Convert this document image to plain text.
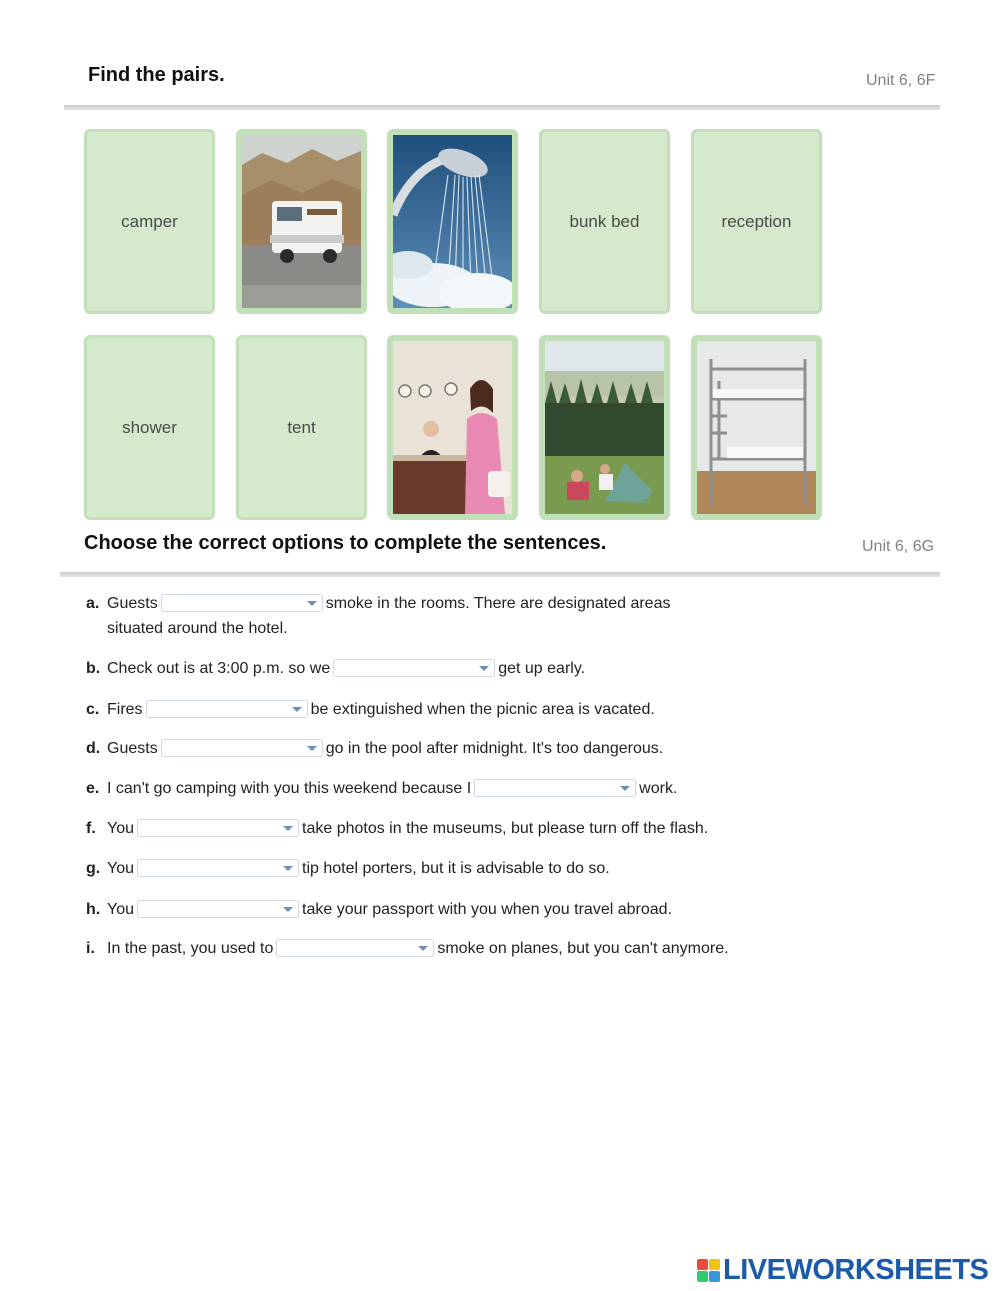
Find the pairs.	Unit 6, 6F
camper	bunk bed	reception
shower	tent
Choose the correct options to complete the sentences.	Unit 6, 6G
a. Guests	smoke in the rooms. There are designated areas
situated around the hotel.
b. Check out is at 3:00 p.m. so we	get up early.
c. Fires	be extinguished when the picnic area is vacated.
d. Guests	go in the pool after midnight. It's too dangerous.
e. I can't go camping with you this weekend because I	work.
f. You	take photos in the museums, but please turn off the flash.
g. You	tip hotel porters, but it is advisable to do so.
h. You	take your passport with you when you travel abroad.
i. In the past, you used to	smoke on planes, but you can't anymore.
LIVEWORKSHEETS
